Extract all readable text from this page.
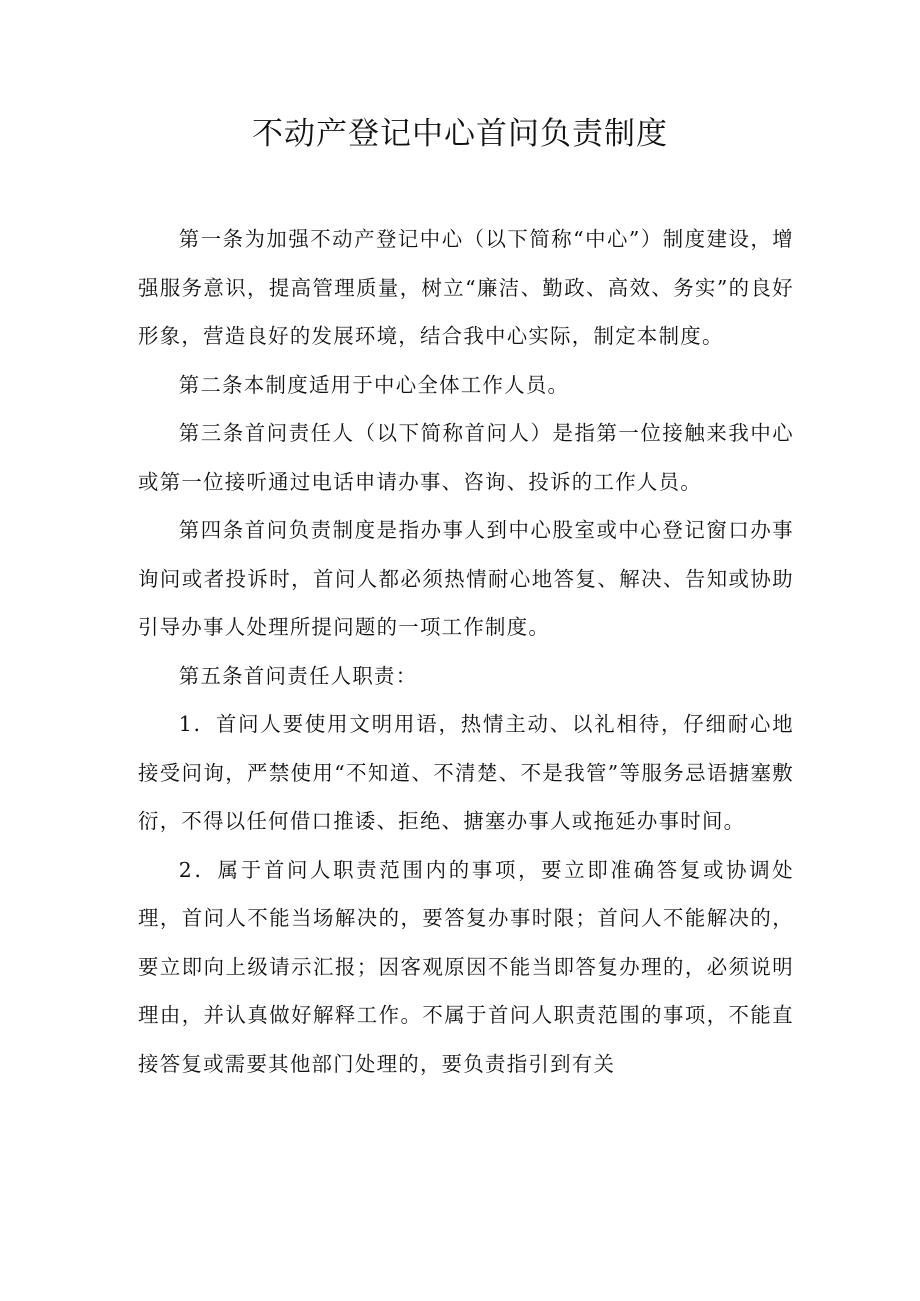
不动产登记中心首问负责制度

第一条为加强不动产登记中心（以下简称“中心”）制度建设，增强服务意识，提高管理质量，树立“廉洁、勤政、高效、务实”的良好形象，营造良好的发展环境，结合我中心实际，制定本制度。

第二条本制度适用于中心全体工作人员。

第三条首问责任人（以下简称首问人）是指第一位接触来我中心或第一位接听通过电话申请办事、咨询、投诉的工作人员。

第四条首问负责制度是指办事人到中心股室或中心登记窗口办事询问或者投诉时，首问人都必须热情耐心地答复、解决、告知或协助引导办事人处理所提问题的一项工作制度。

第五条首问责任人职责：

1．首问人要使用文明用语，热情主动、以礼相待，仔细耐心地接受问询，严禁使用“不知道、不清楚、不是我管”等服务忌语搪塞敷衍，不得以任何借口推诿、拒绝、搪塞办事人或拖延办事时间。

2．属于首问人职责范围内的事项，要立即准确答复或协调处理，首问人不能当场解决的，要答复办事时限；首问人不能解决的，要立即向上级请示汇报；因客观原因不能当即答复办理的，必须说明理由，并认真做好解释工作。不属于首问人职责范围的事项，不能直接答复或需要其他部门处理的，要负责指引到有关
